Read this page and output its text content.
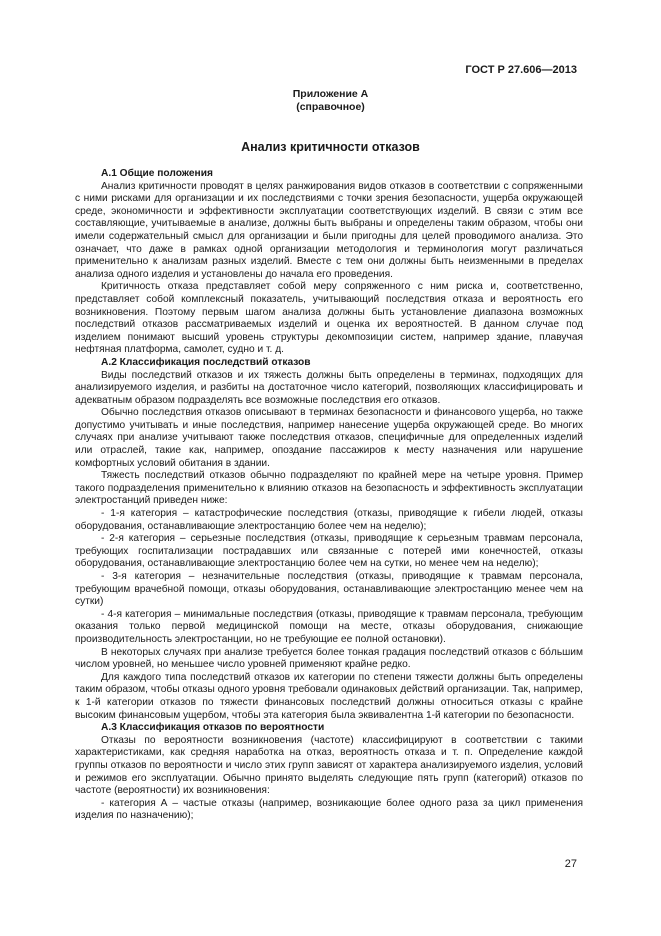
ГОСТ Р 27.606—2013
Приложение А
(справочное)
Анализ критичности отказов
А.1 Общие положения

Анализ критичности проводят в целях ранжирования видов отказов в соответствии с сопряженными с ними рисками для организации и их последствиями с точки зрения безопасности, ущерба окружающей среде, экономичности и эффективности эксплуатации соответствующих изделий. В связи с этим все составляющие, учитываемые в анализе, должны быть выбраны и определены таким образом, чтобы они имели содержательный смысл для организации и были пригодны для целей проводимого анализа. Это означает, что даже в рамках одной организации методология и терминология могут различаться применительно к анализам разных изделий. Вместе с тем они должны быть неизменными в пределах анализа одного изделия и установлены до начала его проведения.

Критичность отказа представляет собой меру сопряженного с ним риска и, соответственно, представляет собой комплексный показатель, учитывающий последствия отказа и вероятность его возникновения. Поэтому первым шагом анализа должны быть установление диапазона возможных последствий отказов рассматриваемых изделий и оценка их вероятностей. В данном случае под изделием понимают высший уровень структуры декомпозиции систем, например здание, плавучая нефтяная платформа, самолет, судно и т. д.

А.2 Классификация последствий отказов

Виды последствий отказов и их тяжесть должны быть определены в терминах, подходящих для анализируемого изделия, и разбиты на достаточное число категорий, позволяющих классифицировать и адекватным образом подразделять все возможные последствия его отказов.

Обычно последствия отказов описывают в терминах безопасности и финансового ущерба, но также допустимо учитывать и иные последствия, например нанесение ущерба окружающей среде. Во многих случаях при анализе учитывают также последствия отказов, специфичные для определенных изделий или отраслей, такие как, например, опоздание пассажиров к месту назначения или нарушение комфортных условий обитания в здании.

Тяжесть последствий отказов обычно подразделяют по крайней мере на четыре уровня. Пример такого подразделения применительно к влиянию отказов на безопасность и эффективность эксплуатации электростанций приведен ниже:

- 1-я категория – катастрофические последствия (отказы, приводящие к гибели людей, отказы оборудования, останавливающие электростанцию более чем на неделю);

- 2-я категория – серьезные последствия (отказы, приводящие к серьезным травмам персонала, требующих госпитализации пострадавших или связанные с потерей ими конечностей, отказы оборудования, останавливающие электростанцию более чем на сутки, но менее чем на неделю);

- 3-я категория – незначительные последствия (отказы, приводящие к травмам персонала, требующим врачебной помощи, отказы оборудования, останавливающие электростанцию менее чем на сутки)

- 4-я категория – минимальные последствия (отказы, приводящие к травмам персонала, требующим оказания только первой медицинской помощи на месте, отказы оборудования, снижающие производительность электростанции, но не требующие ее полной остановки).

В некоторых случаях при анализе требуется более тонкая градация последствий отказов с бо́льшим числом уровней, но меньшее число уровней применяют крайне редко.

Для каждого типа последствий отказов их категории по степени тяжести должны быть определены таким образом, чтобы отказы одного уровня требовали одинаковых действий организации. Так, например, к 1-й категории отказов по тяжести финансовых последствий должны относиться отказы с крайне высоким финансовым ущербом, чтобы эта категория была эквивалентна 1-й категории по безопасности.

А.3 Классификация отказов по вероятности

Отказы по вероятности возникновения (частоте) классифицируют в соответствии с такими характеристиками, как средняя наработка на отказ, вероятность отказа и т. п. Определение каждой группы отказов по вероятности и число этих групп зависят от характера анализируемого изделия, условий и режимов его эксплуатации. Обычно принято выделять следующие пять групп (категорий) отказов по частоте (вероятности) их возникновения:

- категория А – частые отказы (например, возникающие более одного раза за цикл применения изделия по назначению);

27
